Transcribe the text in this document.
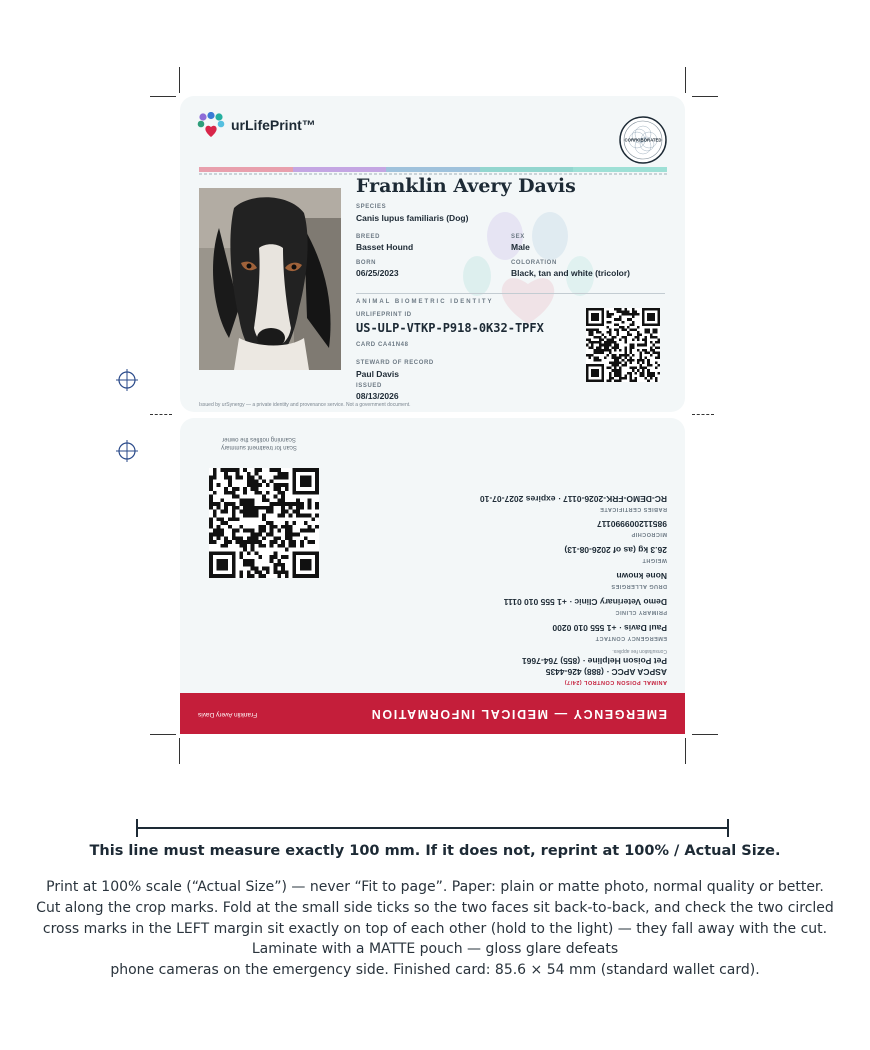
urLifePrint™
CORROBORATED
Franklin Avery Davis
SPECIES
Canis lupus familiaris (Dog)
BREED
Basset Hound
SEX
Male
BORN
06/25/2023
COLORATION
Black, tan and white (tricolor)
ANIMAL BIOMETRIC IDENTITY
URLIFEPRINT ID
US-ULP-VTKP-P918-0K32-TPFX
CARD CA41N48
STEWARD OF RECORD
Paul Davis
ISSUED
08/13/2026
Issued by urSynergy — a private identity and provenance service. Not a government document.
EMERGENCY — MEDICAL INFORMATION
Franklin Avery Davis
ANIMAL POISON CONTROL (24/7)
ASPCA APCC · (888) 426-4435
Pet Poison Helpline · (855) 764-7661
Consultation fee applies.
EMERGENCY CONTACT
Paul Davis · +1 555 010 0200
PRIMARY CLINIC
Demo Veterinary Clinic · +1 555 010 0111
DRUG ALLERGIES
None known
WEIGHT
26.3 kg (as of 2026-08-13)
MICROCHIP
985112009990117
RABIES CERTIFICATE
RC-DEMO-FRK-2026-0117 · expires 2027-07-10
Scan for treatment summary
Scanning notifies the owner
This line must measure exactly 100 mm. If it does not, reprint at 100% / Actual Size.
Print at 100% scale (“Actual Size”) — never “Fit to page”. Paper: plain or matte photo, normal quality or better.
Cut along the crop marks. Fold at the small side ticks so the two faces sit back-to-back, and check the two circled
cross marks in the LEFT margin sit exactly on top of each other (hold to the light) — they fall away with the cut.
Laminate with a MATTE pouch — gloss glare defeats
phone cameras on the emergency side. Finished card: 85.6 × 54 mm (standard wallet card).
